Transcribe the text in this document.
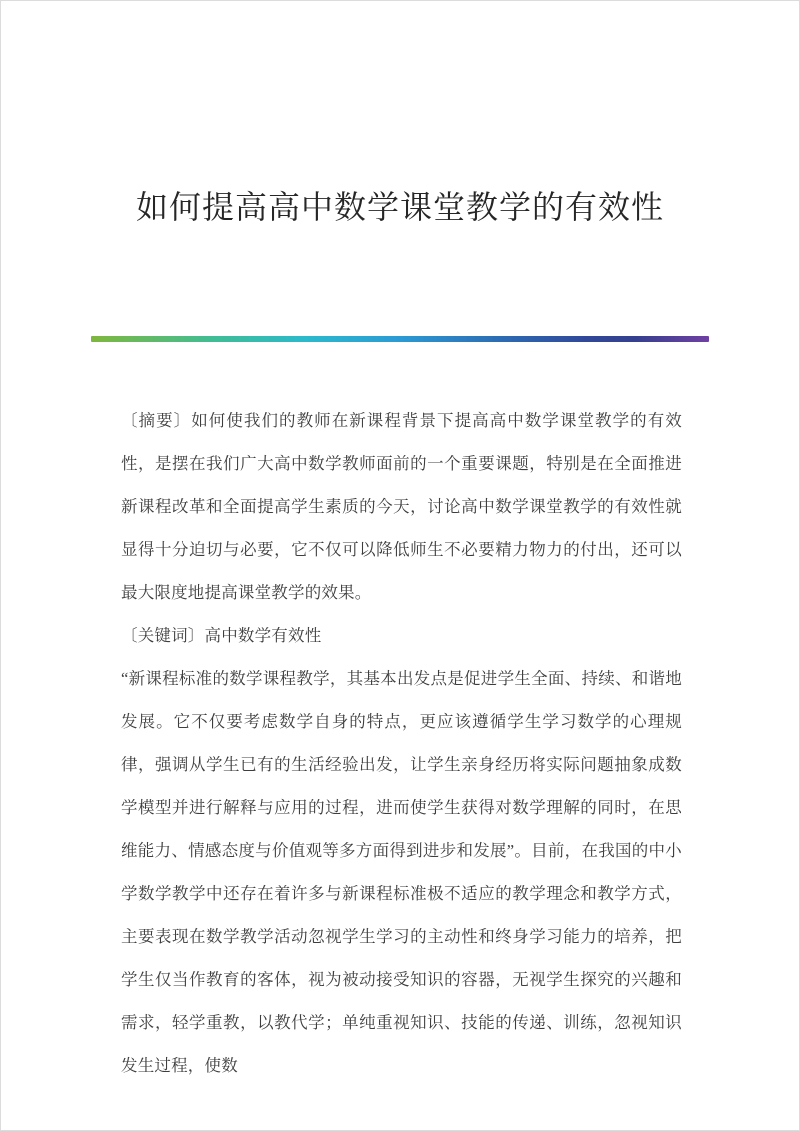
如何提高高中数学课堂教学的有效性

〔摘要〕如何使我们的教师在新课程背景下提高高中数学课堂教学的有效性，是摆在我们广大高中数学教师面前的一个重要课题，特别是在全面推进新课程改革和全面提高学生素质的今天，讨论高中数学课堂教学的有效性就显得十分迫切与必要，它不仅可以降低师生不必要精力物力的付出，还可以最大限度地提高课堂教学的效果。

〔关键词〕高中数学有效性

“新课程标准的数学课程教学，其基本出发点是促进学生全面、持续、和谐地发展。它不仅要考虑数学自身的特点，更应该遵循学生学习数学的心理规律，强调从学生已有的生活经验出发，让学生亲身经历将实际问题抽象成数学模型并进行解释与应用的过程，进而使学生获得对数学理解的同时，在思维能力、情感态度与价值观等多方面得到进步和发展”。目前，在我国的中小学数学教学中还存在着许多与新课程标准极不适应的教学理念和教学方式，主要表现在数学教学活动忽视学生学习的主动性和终身学习能力的培养，把学生仅当作教育的客体，视为被动接受知识的容器，无视学生探究的兴趣和需求，轻学重教，以教代学；单纯重视知识、技能的传递、训练，忽视知识发生过程，使数
